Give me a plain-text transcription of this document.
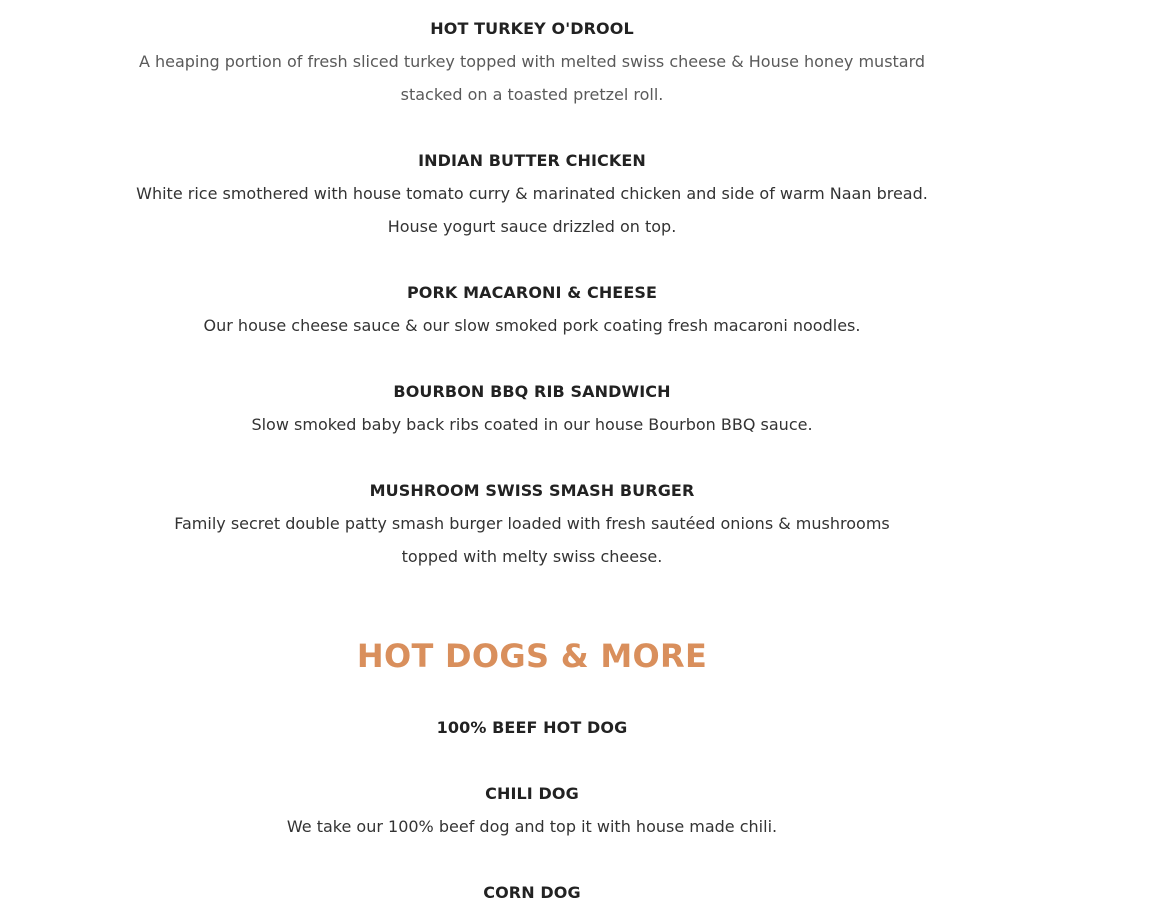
HOT TURKEY O'DROOL
A heaping portion of fresh sliced turkey topped with melted swiss cheese & House honey mustard
stacked on a toasted pretzel roll.
INDIAN BUTTER CHICKEN
White rice smothered with house tomato curry & marinated chicken and side of warm Naan bread.
House yogurt sauce drizzled on top.
PORK MACARONI & CHEESE
Our house cheese sauce & our slow smoked pork coating fresh macaroni noodles.
BOURBON BBQ RIB SANDWICH
Slow smoked baby back ribs coated in our house Bourbon BBQ sauce.
MUSHROOM SWISS SMASH BURGER
Family secret double patty smash burger loaded with fresh sautéed onions & mushrooms
topped with melty swiss cheese.
HOT DOGS & MORE
100% BEEF HOT DOG
CHILI DOG
We take our 100% beef dog and top it with house made chili.
CORN DOG
